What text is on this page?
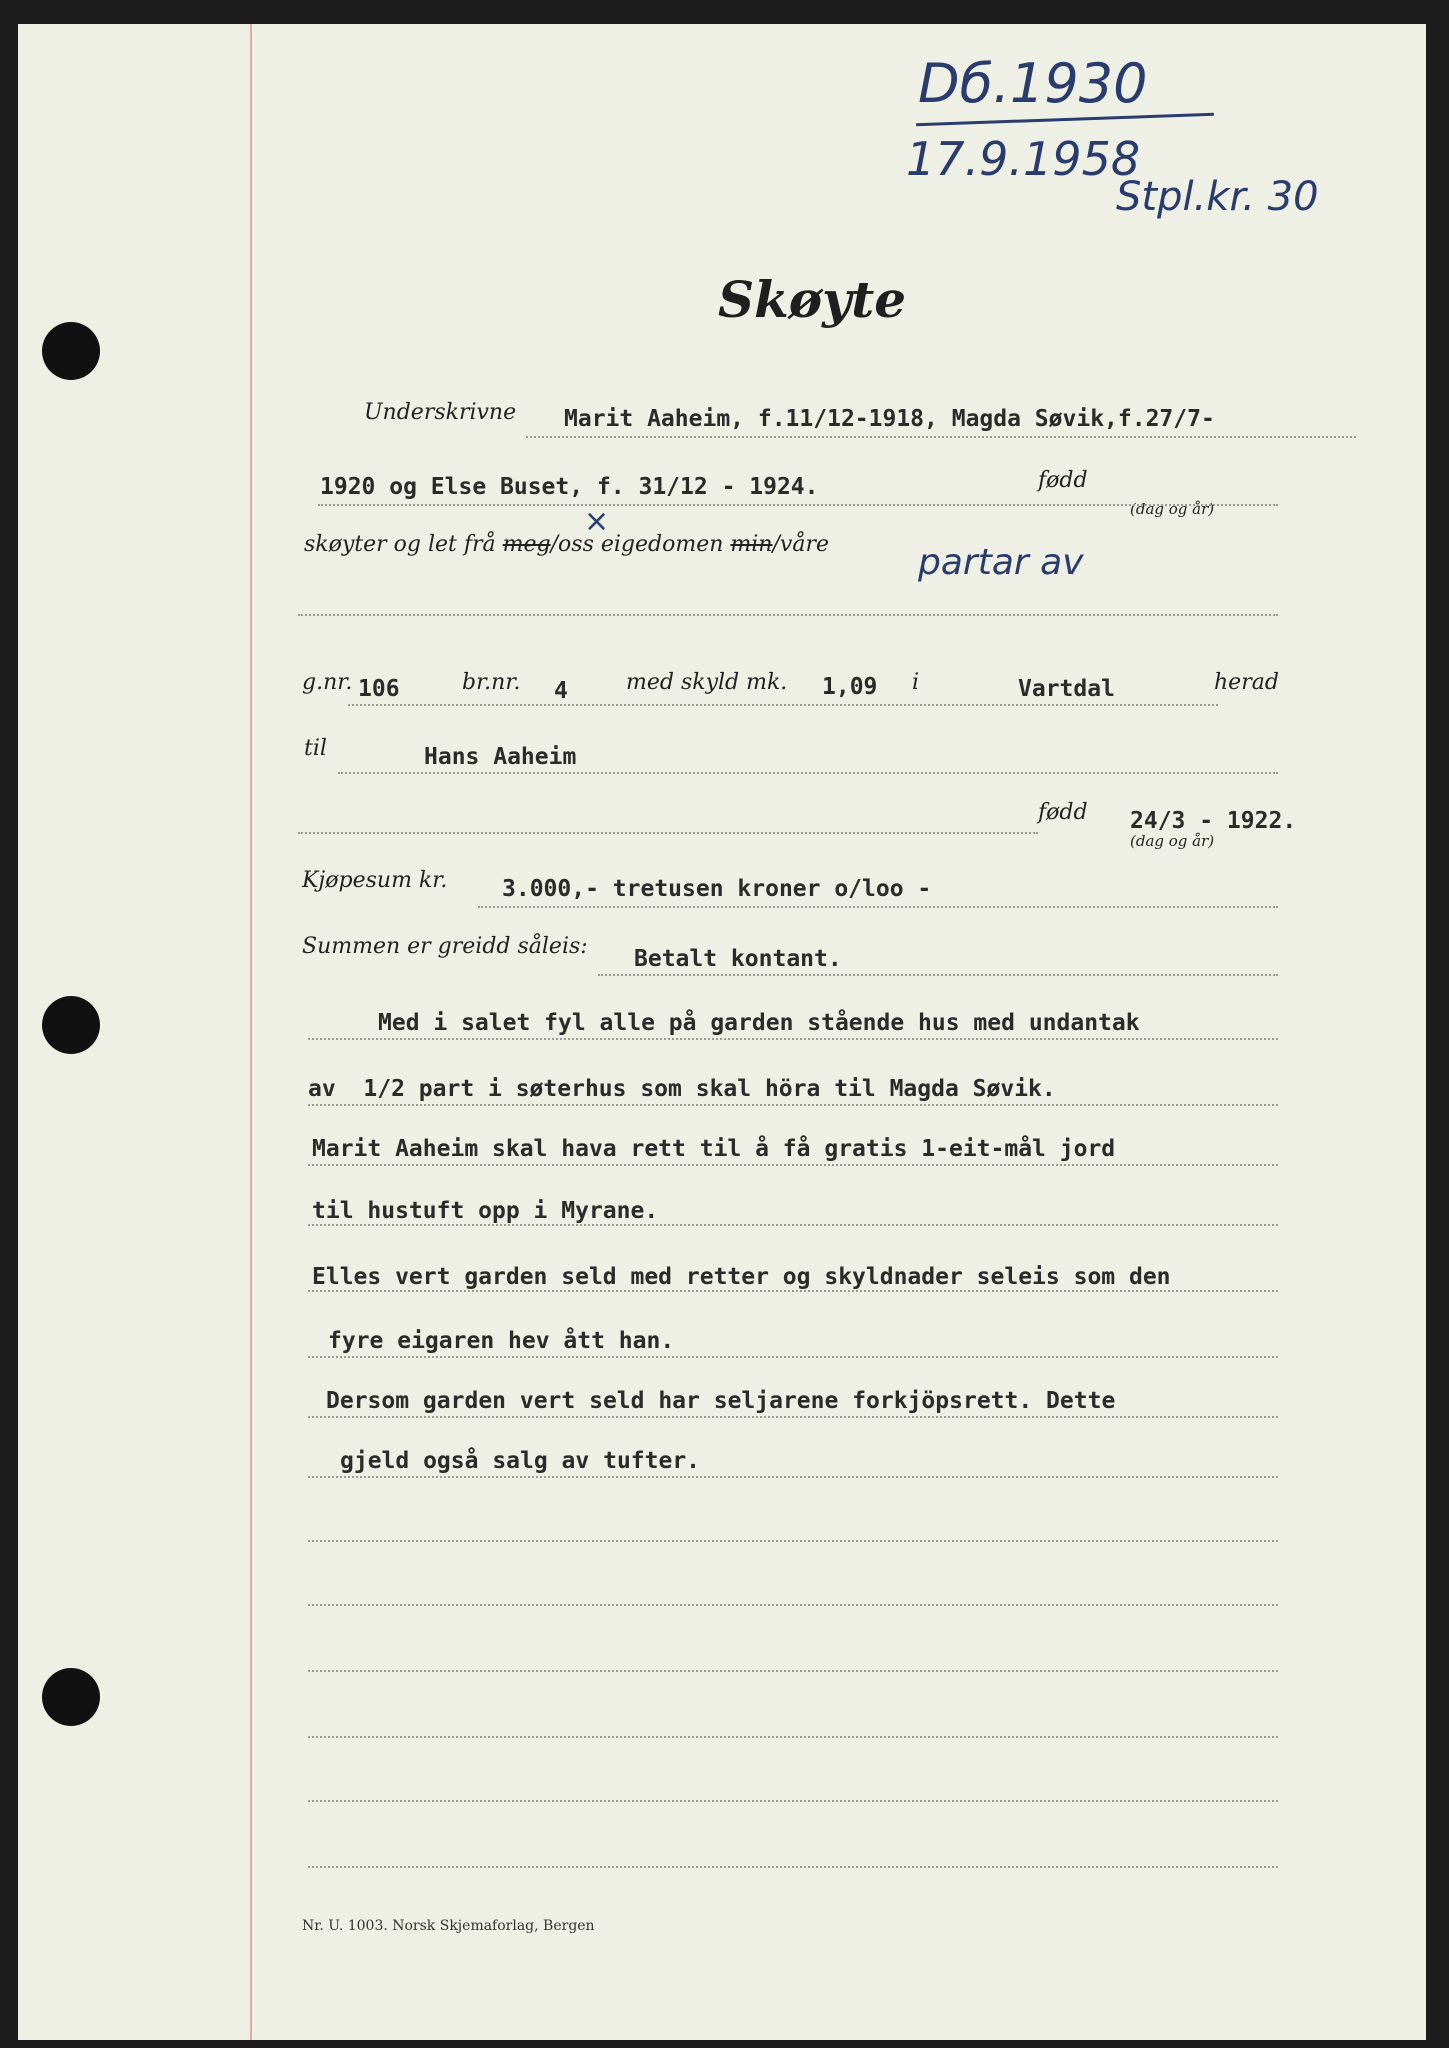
Dб.1930
17.9.1958
Stpl.kr. 30
Skøyte
Underskrivne Marit Aaheim, f.11/12-1918, Magda Søvik,f.27/7-
1920 og Else Buset, f. 31/12 - 1924.	fødd
(dag og år)
skøyter og let frå meg/oss eigedomen min/våre
×
partar av
g.nr. 106	br.nr. 4	med skyld mk. 1,09 i	Vartdal	herad
til	Hans Aaheim
fødd 24/3 - 1922.
(dag og år)
Kjøpesum kr. 3.000,- tretusen kroner o/loo -
Summen er greidd såleis: Betalt kontant.
Med i salet fyl alle på garden stående hus med undantak
av  1/2 part i søterhus som skal höra til Magda Søvik.
Marit Aaheim skal hava rett til å få gratis 1-eit-mål jord
til hustuft opp i Myrane.
Elles vert garden seld med retter og skyldnader seleis som den
fyre eigaren hev ått han.
Dersom garden vert seld har seljarene forkjöpsrett. Dette
gjeld også salg av tufter.
Nr. U. 1003. Norsk Skjemaforlag, Bergen
